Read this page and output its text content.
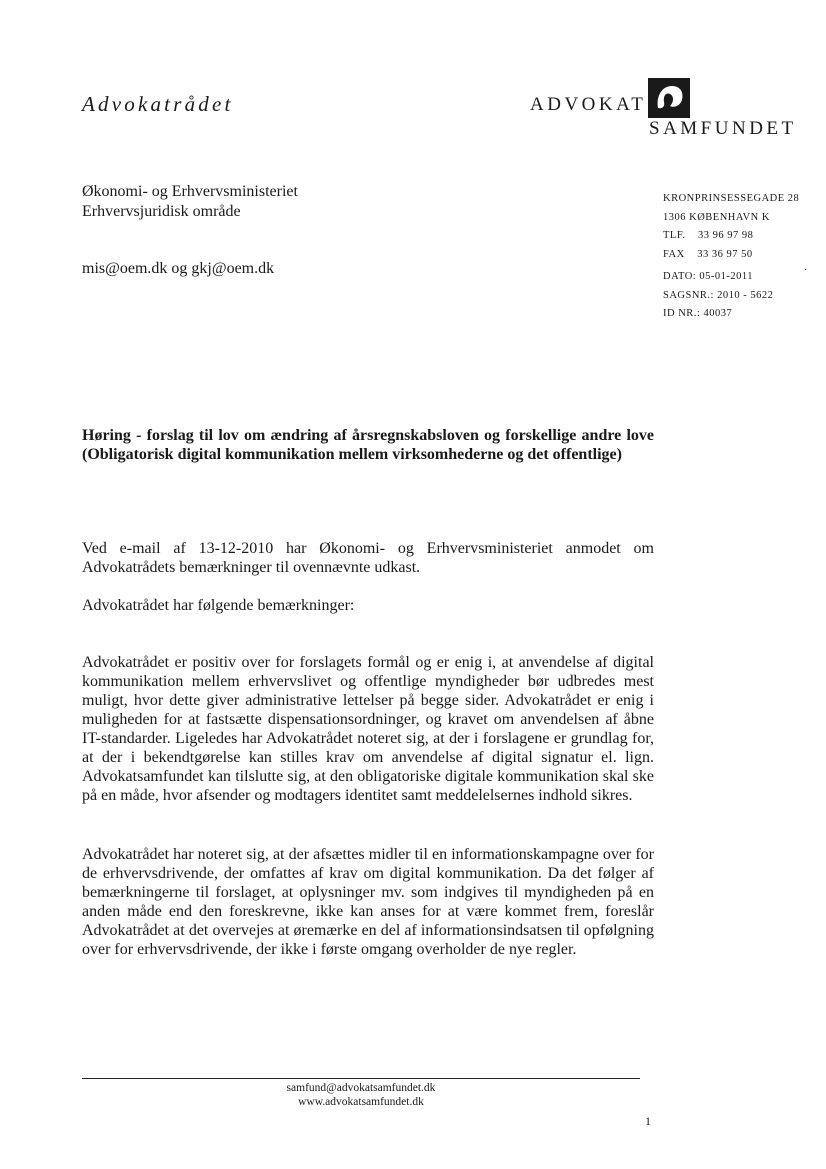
Advokatrådet	ADVOKAT
SAMFUNDET
Økonomi- og Erhvervsministeriet
Erhvervsjuridisk område
mis@oem.dk og gkj@oem.dk
KRONPRINSESSEGADE 28
1306 KØBENHAVN K
TLF.    33 96 97 98
FAX    33 36 97 50
·
DATO: 05-01-2011
SAGSNR.: 2010 - 5622
ID NR.: 40037
Høring - forslag til lov om ændring af årsregnskabsloven og forskellige andre love (Obligatorisk digital kommunikation mellem virksomhederne og det offentlige)

Ved e-mail af 13-12-2010 har Økonomi- og Erhvervsministeriet anmodet om Advokatrådets bemærkninger til ovennævnte udkast.

Advokatrådet har følgende bemærkninger:

Advokatrådet er positiv over for forslagets formål og er enig i, at anvendelse af digital kommunikation mellem erhvervslivet og offentlige myndigheder bør udbredes mest muligt, hvor dette giver administrative lettelser på begge sider. Advokatrådet er enig i muligheden for at fastsætte dispensationsordninger, og kravet om anvendelsen af åbne IT-standarder. Ligeledes har Advokatrådet noteret sig, at der i forslagene er grundlag for, at der i bekendtgørelse kan stilles krav om anvendelse af digital signatur el. lign. Advokatsamfundet kan tilslutte sig, at den obligatoriske digitale kommunikation skal ske på en måde, hvor afsender og modtagers identitet samt meddelelsernes indhold sikres.

Advokatrådet har noteret sig, at der afsættes midler til en informationskampagne over for de erhvervsdrivende, der omfattes af krav om digital kommunikation. Da det følger af bemærkningerne til forslaget, at oplysninger mv. som indgives til myndigheden på en anden måde end den foreskrevne, ikke kan anses for at være kommet frem, foreslår Advokatrådet at det overvejes at øremærke en del af informationsindsatsen til opfølgning over for erhvervsdrivende, der ikke i første omgang overholder de nye regler.

samfund@advokatsamfundet.dk
www.advokatsamfundet.dk
1
